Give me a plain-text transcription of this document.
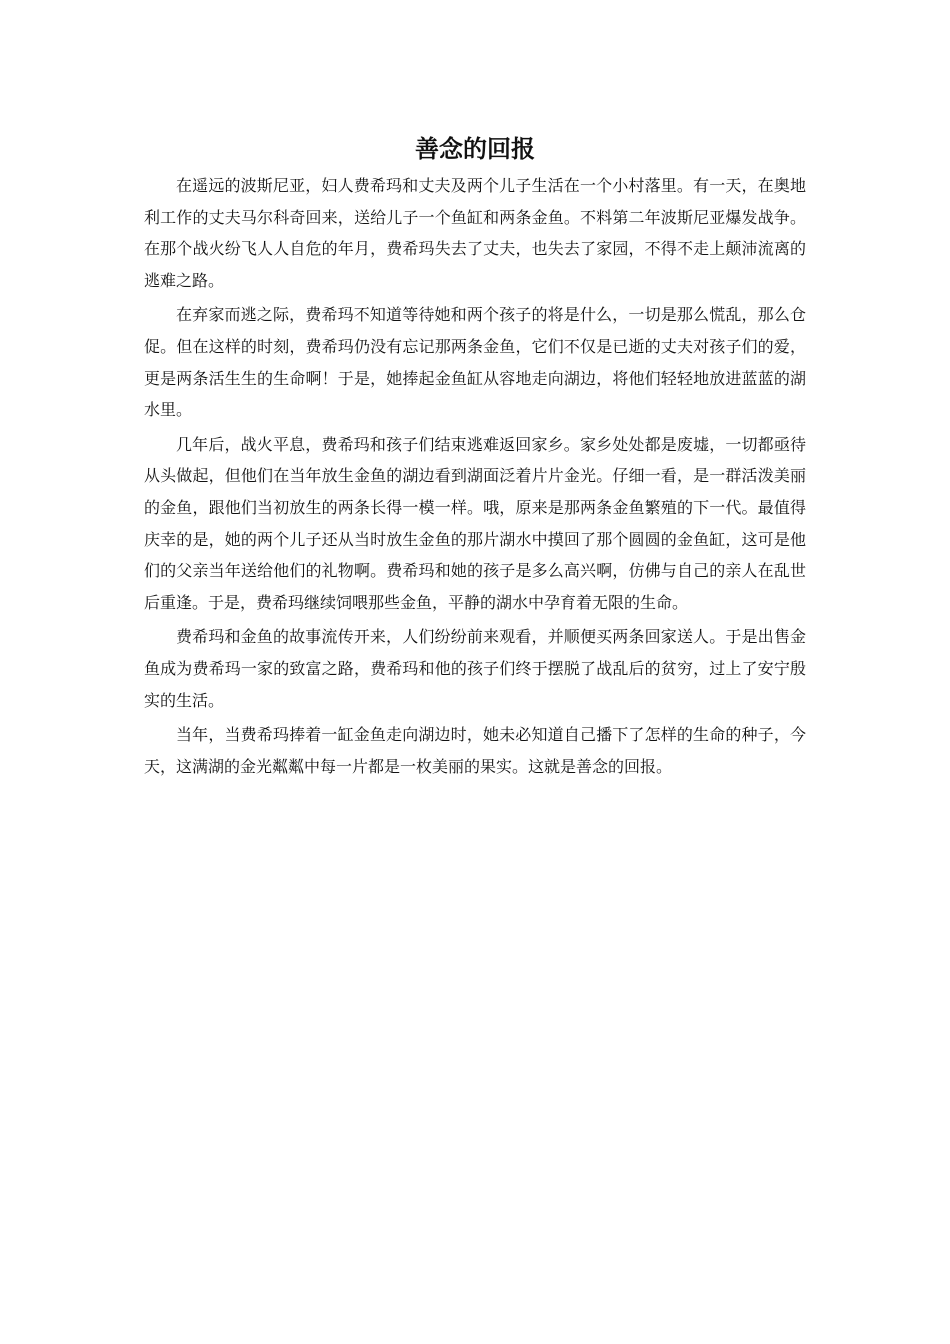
善念的回报

在遥远的波斯尼亚，妇人费希玛和丈夫及两个儿子生活在一个小村落里。有一天，在奥地利工作的丈夫马尔科奇回来，送给儿子一个鱼缸和两条金鱼。不料第二年波斯尼亚爆发战争。在那个战火纷飞人人自危的年月，费希玛失去了丈夫，也失去了家园，不得不走上颠沛流离的逃难之路。

在弃家而逃之际，费希玛不知道等待她和两个孩子的将是什么，一切是那么慌乱，那么仓促。但在这样的时刻，费希玛仍没有忘记那两条金鱼，它们不仅是已逝的丈夫对孩子们的爱，更是两条活生生的生命啊！于是，她捧起金鱼缸从容地走向湖边，将他们轻轻地放进蓝蓝的湖水里。

几年后，战火平息，费希玛和孩子们结束逃难返回家乡。家乡处处都是废墟，一切都亟待从头做起，但他们在当年放生金鱼的湖边看到湖面泛着片片金光。仔细一看，是一群活泼美丽的金鱼，跟他们当初放生的两条长得一模一样。哦，原来是那两条金鱼繁殖的下一代。最值得庆幸的是，她的两个儿子还从当时放生金鱼的那片湖水中摸回了那个圆圆的金鱼缸，这可是他们的父亲当年送给他们的礼物啊。费希玛和她的孩子是多么高兴啊，仿佛与自己的亲人在乱世后重逢。于是，费希玛继续饲喂那些金鱼，平静的湖水中孕育着无限的生命。

费希玛和金鱼的故事流传开来，人们纷纷前来观看，并顺便买两条回家送人。于是出售金鱼成为费希玛一家的致富之路，费希玛和他的孩子们终于摆脱了战乱后的贫穷，过上了安宁殷实的生活。

当年，当费希玛捧着一缸金鱼走向湖边时，她未必知道自己播下了怎样的生命的种子，今天，这满湖的金光粼粼中每一片都是一枚美丽的果实。这就是善念的回报。
